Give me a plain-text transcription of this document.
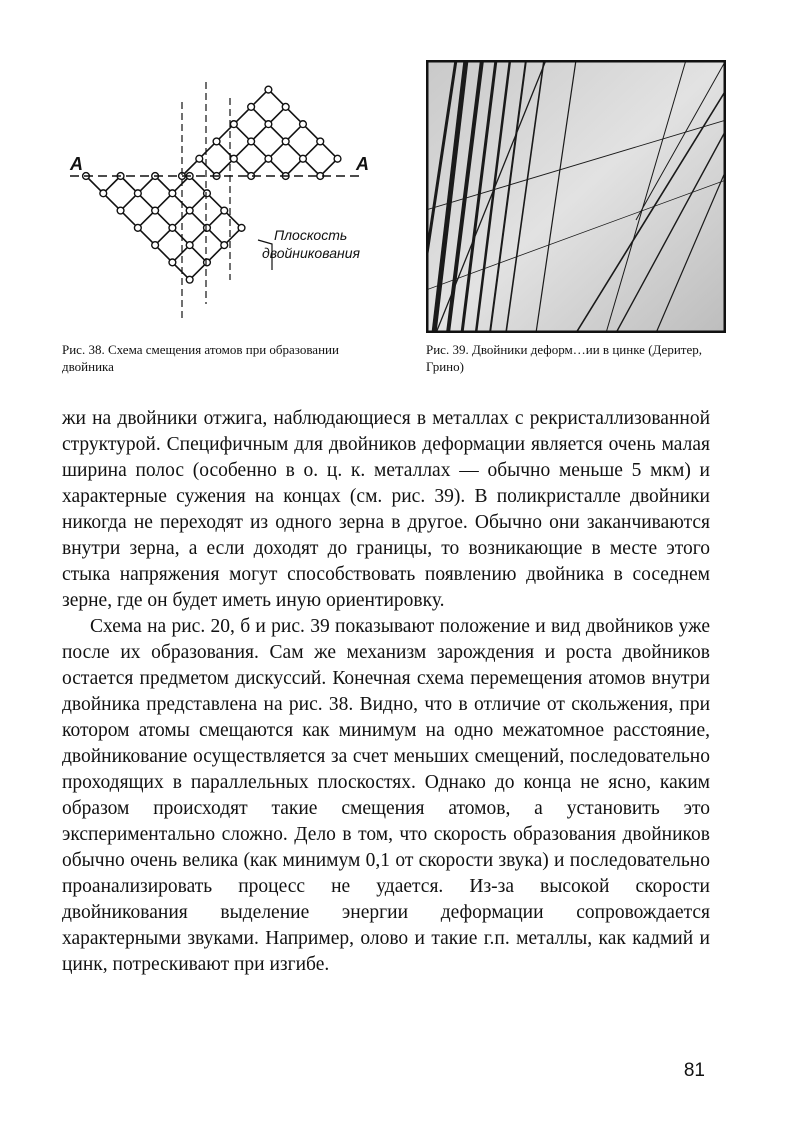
А	А
Плоскость
двойникования
Рис. 38. Схема смещения атомов при образовании двойника
Рис. 39. Двойники деформ…ии в цинке (Деритер, Грино)

жи на двойники отжига, наблюдающиеся в металлах с рекристаллизованной структурой. Специфичным для двойников деформации является очень малая ширина полос (особенно в о. ц. к. металлах — обычно меньше 5 мкм) и характерные сужения на концах (см. рис. 39). В поликристалле двойники никогда не переходят из одного зерна в другое. Обычно они заканчиваются внутри зерна, а если доходят до границы, то возникающие в месте этого стыка напряжения могут способствовать появлению двойника в соседнем зерне, где он будет иметь иную ориентировку.

Схема на рис. 20, б и рис. 39 показывают положение и вид двойников уже после их образования. Сам же механизм зарождения и роста двойников остается предметом дискуссий. Конечная схема перемещения атомов внутри двойника представлена на рис. 38. Видно, что в отличие от скольжения, при котором атомы смещаются как минимум на одно межатомное расстояние, двойникование осуществляется за счет меньших смещений, последовательно проходящих в параллельных плоскостях. Однако до конца не ясно, каким образом происходят такие смещения атомов, а установить это экспериментально сложно. Дело в том, что скорость образования двойников обычно очень велика (как минимум 0,1 от скорости звука) и последовательно проанализировать процесс не удается. Из-за высокой скорости двойникования выделение энергии деформации сопровождается характерными звуками. Например, олово и такие г.п. металлы, как кадмий и цинк, потрескивают при изгибе.

81
